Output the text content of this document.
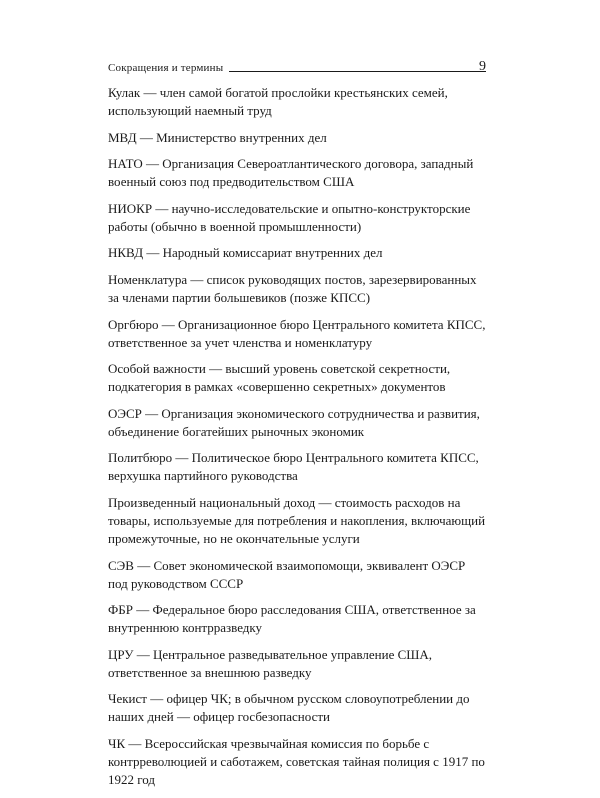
Сокращения и термины	9

Кулак — член самой богатой прослойки крестьянских семей, использующий наемный труд

МВД — Министерство внутренних дел

НАТО — Организация Североатлантического договора, западный военный союз под предводительством США

НИОКР — научно-исследовательские и опытно-конструкторские работы (обычно в военной промышленности)

НКВД — Народный комиссариат внутренних дел

Номенклатура — список руководящих постов, зарезервированных за членами партии большевиков (позже КПСС)

Оргбюро — Организационное бюро Центрального комитета КПСС, ответственное за учет членства и номенклатуру

Особой важности — высший уровень советской секретности, подкатегория в рамках «совершенно секретных» документов

ОЭСР — Организация экономического сотрудничества и развития, объединение богатейших рыночных экономик

Политбюро — Политическое бюро Центрального комитета КПСС, верхушка партийного руководства

Произведенный национальный доход — стоимость расходов на товары, используемые для потребления и накопления, включающий промежуточные, но не окончательные услуги

СЭВ — Совет экономической взаимопомощи, эквивалент ОЭСР под руководством СССР

ФБР — Федеральное бюро расследования США, ответственное за внутреннюю контрразведку

ЦРУ — Центральное разведывательное управление США, ответственное за внешнюю разведку

Чекист — офицер ЧК; в обычном русском словоупотреблении до наших дней — офицер госбезопасности

ЧК — Всероссийская чрезвычайная комиссия по борьбе с контрреволюцией и саботажем, советская тайная полиция с 1917 по 1922 год
